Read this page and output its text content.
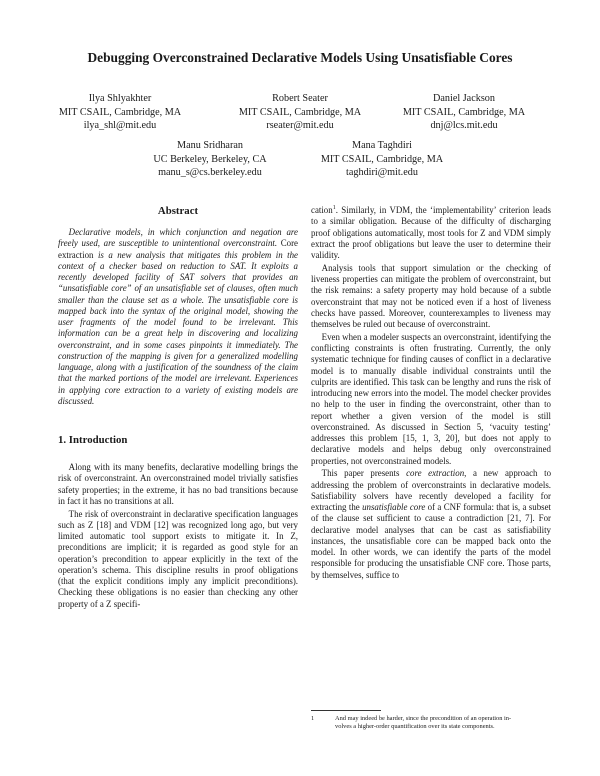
Debugging Overconstrained Declarative Models Using Unsatisfiable Cores
Ilya Shlyakhter
MIT CSAIL, Cambridge, MA
ilya_shl@mit.edu
Robert Seater
MIT CSAIL, Cambridge, MA
rseater@mit.edu
Daniel Jackson
MIT CSAIL, Cambridge, MA
dnj@lcs.mit.edu
Manu Sridharan
UC Berkeley, Berkeley, CA
manu_s@cs.berkeley.edu
Mana Taghdiri
MIT CSAIL, Cambridge, MA
taghdiri@mit.edu
Abstract
Declarative models, in which conjunction and negation are freely used, are susceptible to unintentional overconstraint. Core extraction is a new analysis that mitigates this problem in the context of a checker based on reduction to SAT. It exploits a recently developed facility of SAT solvers that provides an “unsatisfiable core” of an unsatisfiable set of clauses, often much smaller than the clause set as a whole. The unsatisfiable core is mapped back into the syntax of the original model, showing the user fragments of the model found to be irrelevant. This information can be a great help in discovering and localizing overconstraint, and in some cases pinpoints it immediately. The construction of the mapping is given for a generalized modelling language, along with a justification of the soundness of the claim that the marked portions of the model are irrelevant. Experiences in applying core extraction to a variety of existing models are discussed.
1. Introduction

Along with its many benefits, declarative modelling brings the risk of overconstraint. An overconstrained model trivially satisfies safety properties; in the extreme, it has no bad transitions because in fact it has no transitions at all.

The risk of overconstraint in declarative specification languages such as Z [18] and VDM [12] was recognized long ago, but very limited automatic tool support exists to mitigate it. In Z, preconditions are implicit; it is regarded as good style for an operation’s precondition to appear explicitly in the text of the operation’s schema. This discipline results in proof obligations (that the explicit conditions imply any implicit preconditions). Checking these obligations is no easier than checking any other property of a Z specifi-

cation$^1$. Similarly, in VDM, the ‘implementability’ criterion leads to a similar obligation. Because of the difficulty of discharging proof obligations automatically, most tools for Z and VDM simply extract the proof obligations but leave the user to determine their validity.

Analysis tools that support simulation or the checking of liveness properties can mitigate the problem of overconstraint, but the risk remains: a safety property may hold because of a subtle overconstraint that may not be noticed even if a host of liveness checks have passed. Moreover, counterexamples to liveness may themselves be ruled out because of overconstraint.

Even when a modeler suspects an overconstraint, identifying the conflicting constraints is often frustrating. Currently, the only systematic technique for finding causes of conflict in a declarative model is to manually disable individual constraints until the culprits are identified. This task can be lengthy and runs the risk of introducing new errors into the model. The model checker provides no help to the user in finding the overconstraint, other than to report whether a given version of the model is still overconstrained. As discussed in Section 5, ‘vacuity testing’ addresses this problem [15, 1, 3, 20], but does not apply to declarative models and helps debug only overconstrained properties, not overconstrained models.

This paper presents core extraction, a new approach to addressing the problem of overconstraints in declarative models. Satisfiability solvers have recently developed a facility for extracting the unsatisfiable core of a CNF formula: that is, a subset of the clause set sufficient to cause a contradiction [21, 7]. For declarative model analyses that can be cast as satisfiability instances, the unsatisfiable core can be mapped back onto the model. In other words, we can identify the parts of the model responsible for producing the unsatisfiable CNF core. Those parts, by themselves, suffice to

1	And may indeed be harder, since the precondition of an operation in-
volves a higher-order quantification over its state components.
